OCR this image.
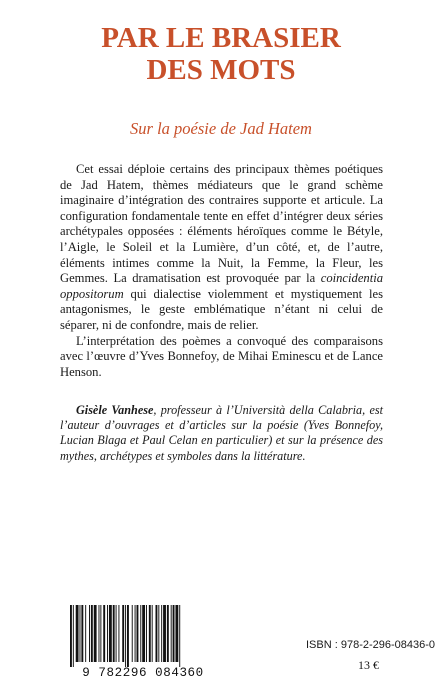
PAR LE BRASIER
DES MOTS
Sur la poésie de Jad Hatem

Cet essai déploie certains des principaux thèmes poétiques de Jad Hatem, thèmes médiateurs que le grand schème imaginaire d’intégration des contraires supporte et articule. La configuration fondamentale tente en effet d’intégrer deux séries archétypales opposées : éléments héroïques comme le Bétyle, l’Aigle, le Soleil et la Lumière, d’un côté, et, de l’autre, éléments intimes comme la Nuit, la Femme, la Fleur, les Gemmes. La dramatisation est provoquée par la coincidentia oppositorum qui dialectise violemment et mystiquement les antagonismes, le geste emblématique n’étant ni celui de séparer, ni de confondre, mais de relier.

L’interprétation des poèmes a convoqué des comparaisons avec l’œuvre d’Yves Bonnefoy, de Mihai Eminescu et de Lance Henson.

Gisèle Vanhese, professeur à l’Università della Calabria, est l’auteur d’ouvrages et d’articles sur la poésie (Yves Bonnefoy, Lucian Blaga et Paul Celan en particulier) et sur la présence des mythes, archétypes et symboles dans la littérature.

9 782296 084360
ISBN : 978-2-296-08436-0
13 €
